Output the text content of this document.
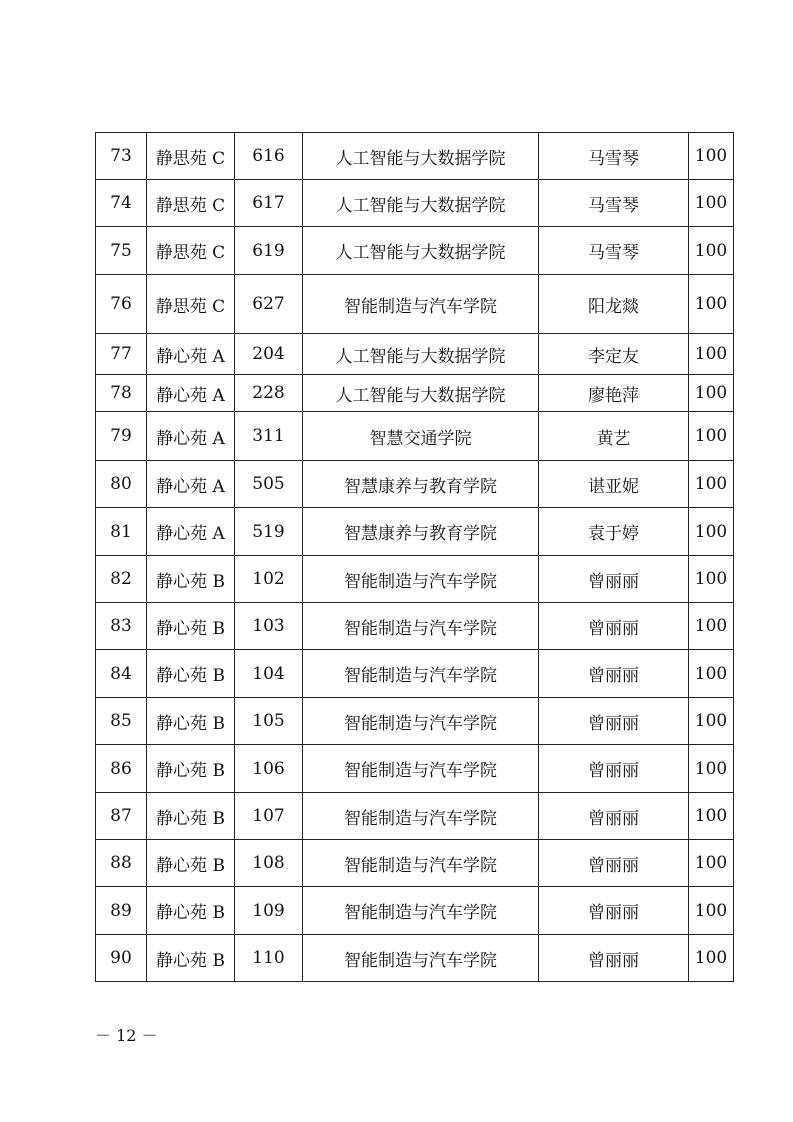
73	静思苑 C	616	人工智能与大数据学院	马雪琴	100
74	静思苑 C	617	人工智能与大数据学院	马雪琴	100
75	静思苑 C	619	人工智能与大数据学院	马雪琴	100
76	静思苑 C	627	智能制造与汽车学院	阳龙燚	100
77	静心苑 A	204	人工智能与大数据学院	李定友	100
78	静心苑 A	228	人工智能与大数据学院	廖艳萍	100
79	静心苑 A	311	智慧交通学院	黄艺	100
80	静心苑 A	505	智慧康养与教育学院	谌亚妮	100
81	静心苑 A	519	智慧康养与教育学院	袁于婷	100
82	静心苑 B	102	智能制造与汽车学院	曾丽丽	100
83	静心苑 B	103	智能制造与汽车学院	曾丽丽	100
84	静心苑 B	104	智能制造与汽车学院	曾丽丽	100
85	静心苑 B	105	智能制造与汽车学院	曾丽丽	100
86	静心苑 B	106	智能制造与汽车学院	曾丽丽	100
87	静心苑 B	107	智能制造与汽车学院	曾丽丽	100
88	静心苑 B	108	智能制造与汽车学院	曾丽丽	100
89	静心苑 B	109	智能制造与汽车学院	曾丽丽	100
90	静心苑 B	110	智能制造与汽车学院	曾丽丽	100
－ 12 －
